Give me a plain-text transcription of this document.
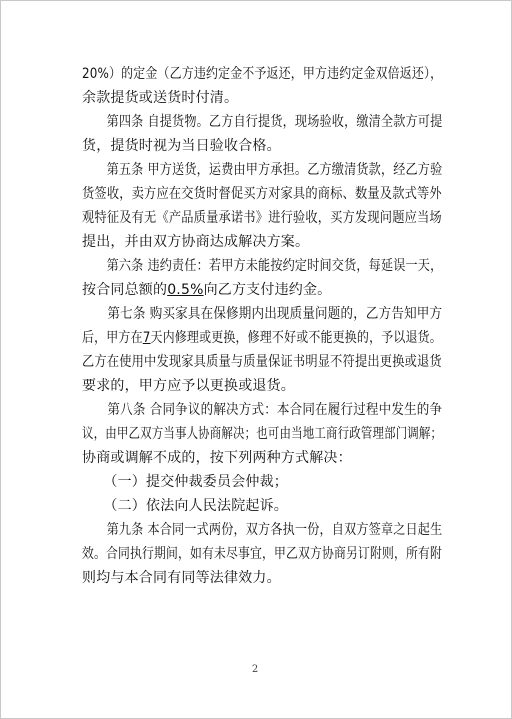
20%）的定金（乙方违约定金不予返还，甲方违约定金双倍返还），
余款提货或送货时付清。
　　第四条 自提货物。乙方自行提货，现场验收，缴清全款方可提
货，提货时视为当日验收合格。
　　第五条 甲方送货，运费由甲方承担。乙方缴清货款，经乙方验
货签收，卖方应在交货时督促买方对家具的商标、数量及款式等外
观特征及有无《产品质量承诺书》进行验收，买方发现问题应当场
提出，并由双方协商达成解决方案。
　　第六条 违约责任：若甲方未能按约定时间交货，每延误一天，
按合同总额的0.5%向乙方支付违约金。
　　第七条 购买家具在保修期内出现质量问题的，乙方告知甲方
后，甲方在7天内修理或更换，修理不好或不能更换的，予以退货。
乙方在使用中发现家具质量与质量保证书明显不符提出更换或退货
要求的，甲方应予以更换或退货。
　　第八条 合同争议的解决方式：本合同在履行过程中发生的争
议，由甲乙双方当事人协商解决；也可由当地工商行政管理部门调解；
协商或调解不成的，按下列两种方式解决：
　　（一）提交仲裁委员会仲裁；
　　（二）依法向人民法院起诉。
　　第九条 本合同一式两份，双方各执一份，自双方签章之日起生
效。合同执行期间，如有未尽事宜，甲乙双方协商另订附则，所有附
则均与本合同有同等法律效力。
2
